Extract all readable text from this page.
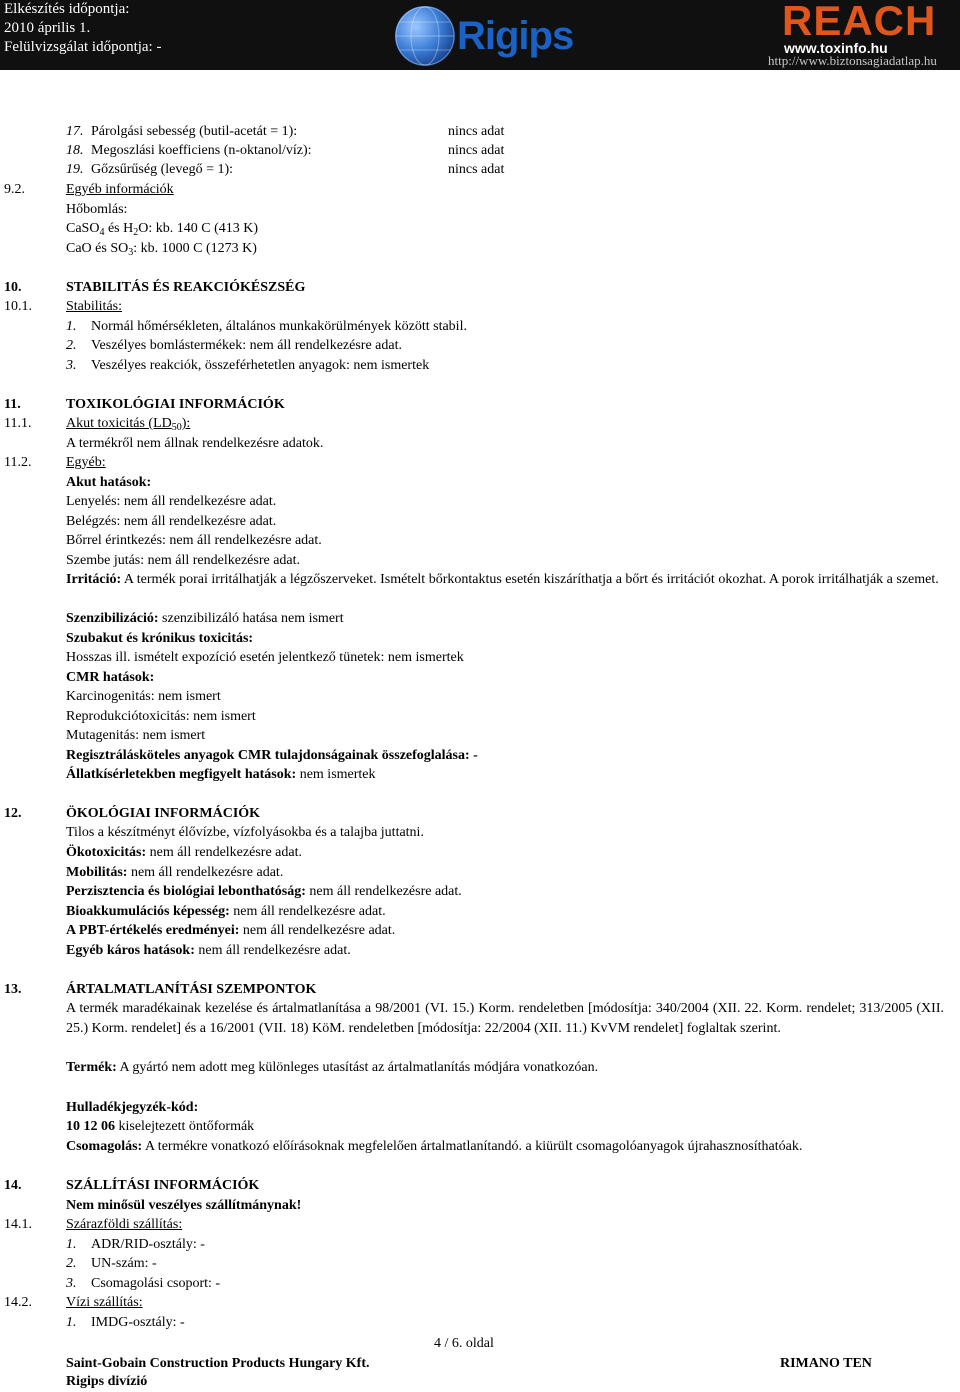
Elkészítés időpontja:
2010 április 1.
Felülvizsgálat időpontja: -	Rigips	REACH
www.toxinfo.hu
http://www.biztonsagiadatlap.hu
17. Párolgási sebesség (butil-acetát = 1):	nincs adat
18. Megoszlási koefficiens (n-oktanol/víz):	nincs adat
19. Gőzsűrűség (levegő = 1):	nincs adat
9.2.	Egyéb információk
Hőbomlás:
CaSO$_4$ és $H_2O$: kb. 140 C (413 K)
CaO és $SO_3$: kb. 1000 C (1273 K)
10.	STABILITÁS ÉS REAKCIÓKÉSZSÉG
10.1. Stabilitás:
1. Normál hőmérsékleten, általános munkakörülmények között stabil.
2. Veszélyes bomlástermékek: nem áll rendelkezésre adat.
3. Veszélyes reakciók, összeférhetetlen anyagok: nem ismertek
11.	TOXIKOLÓGIAI INFORMÁCIÓK
11.1. Akut toxicitás $(LD_{50})$:
A termékről nem állnak rendelkezésre adatok.
11.2. Egyéb:
Akut hatások:
Lenyelés: nem áll rendelkezésre adat.
Belégzés: nem áll rendelkezésre adat.
Bőrrel érintkezés: nem áll rendelkezésre adat.
Szembe jutás: nem áll rendelkezésre adat.
Irritáció: A termék porai irritálhatják a légzőszerveket. Ismételt bőrkontaktus esetén kiszáríthatja a bőrt és irritációt okozhat. A porok irritálhatják a szemet.
Szenzibilizáció: szenzibilizáló hatása nem ismert
Szubakut és krónikus toxicitás:
Hosszas ill. ismételt expozíció esetén jelentkező tünetek: nem ismertek
CMR hatások:
Karcinogenitás: nem ismert
Reprodukciótoxicitás: nem ismert
Mutagenitás: nem ismert
Regisztrálásköteles anyagok CMR tulajdonságainak összefoglalása: -
Állatkísérletekben megfigyelt hatások: nem ismertek
12.	ÖKOLÓGIAI INFORMÁCIÓK
Tilos a készítményt élővízbe, vízfolyásokba és a talajba juttatni.
Ökotoxicitás: nem áll rendelkezésre adat.
Mobilitás: nem áll rendelkezésre adat.
Perzisztencia és biológiai lebonthatóság: nem áll rendelkezésre adat.
Bioakkumulációs képesség: nem áll rendelkezésre adat.
A PBT-értékelés eredményei: nem áll rendelkezésre adat.
Egyéb káros hatások: nem áll rendelkezésre adat.
13.	ÁRTALMATLANÍTÁSI SZEMPONTOK
A termék maradékainak kezelése és ártalmatlanítása a 98/2001 (VI. 15.) Korm. rendeletben [módosítja: 340/2004 (XII. 22. Korm. rendelet; 313/2005 (XII. 25.) Korm. rendelet] és a 16/2001 (VII. 18) KöM. rendeletben [módosítja: 22/2004 (XII. 11.) KvVM rendelet] foglaltak szerint.
Termék: A gyártó nem adott meg különleges utasítást az ártalmatlanítás módjára vonatkozóan.
Hulladékjegyzék-kód:
10 12 06 kiselejtezett öntőformák
Csomagolás: A termékre vonatkozó előírásoknak megfelelően ártalmatlanítandó. a kiürült csomagolóanyagok újrahasznosíthatóak.
14.	SZÁLLÍTÁSI INFORMÁCIÓK
Nem minősül veszélyes szállítmánynak!
14.1. Szárazföldi szállítás:
1. ADR/RID-osztály: -
2. UN-szám: -
3. Csomagolási csoport: -
14.2. Vízi szállítás:
1. IMDG-osztály: -
4 / 6. oldal
Saint-Gobain Construction Products Hungary Kft.	RIMANO TEN
Rigips divízió
